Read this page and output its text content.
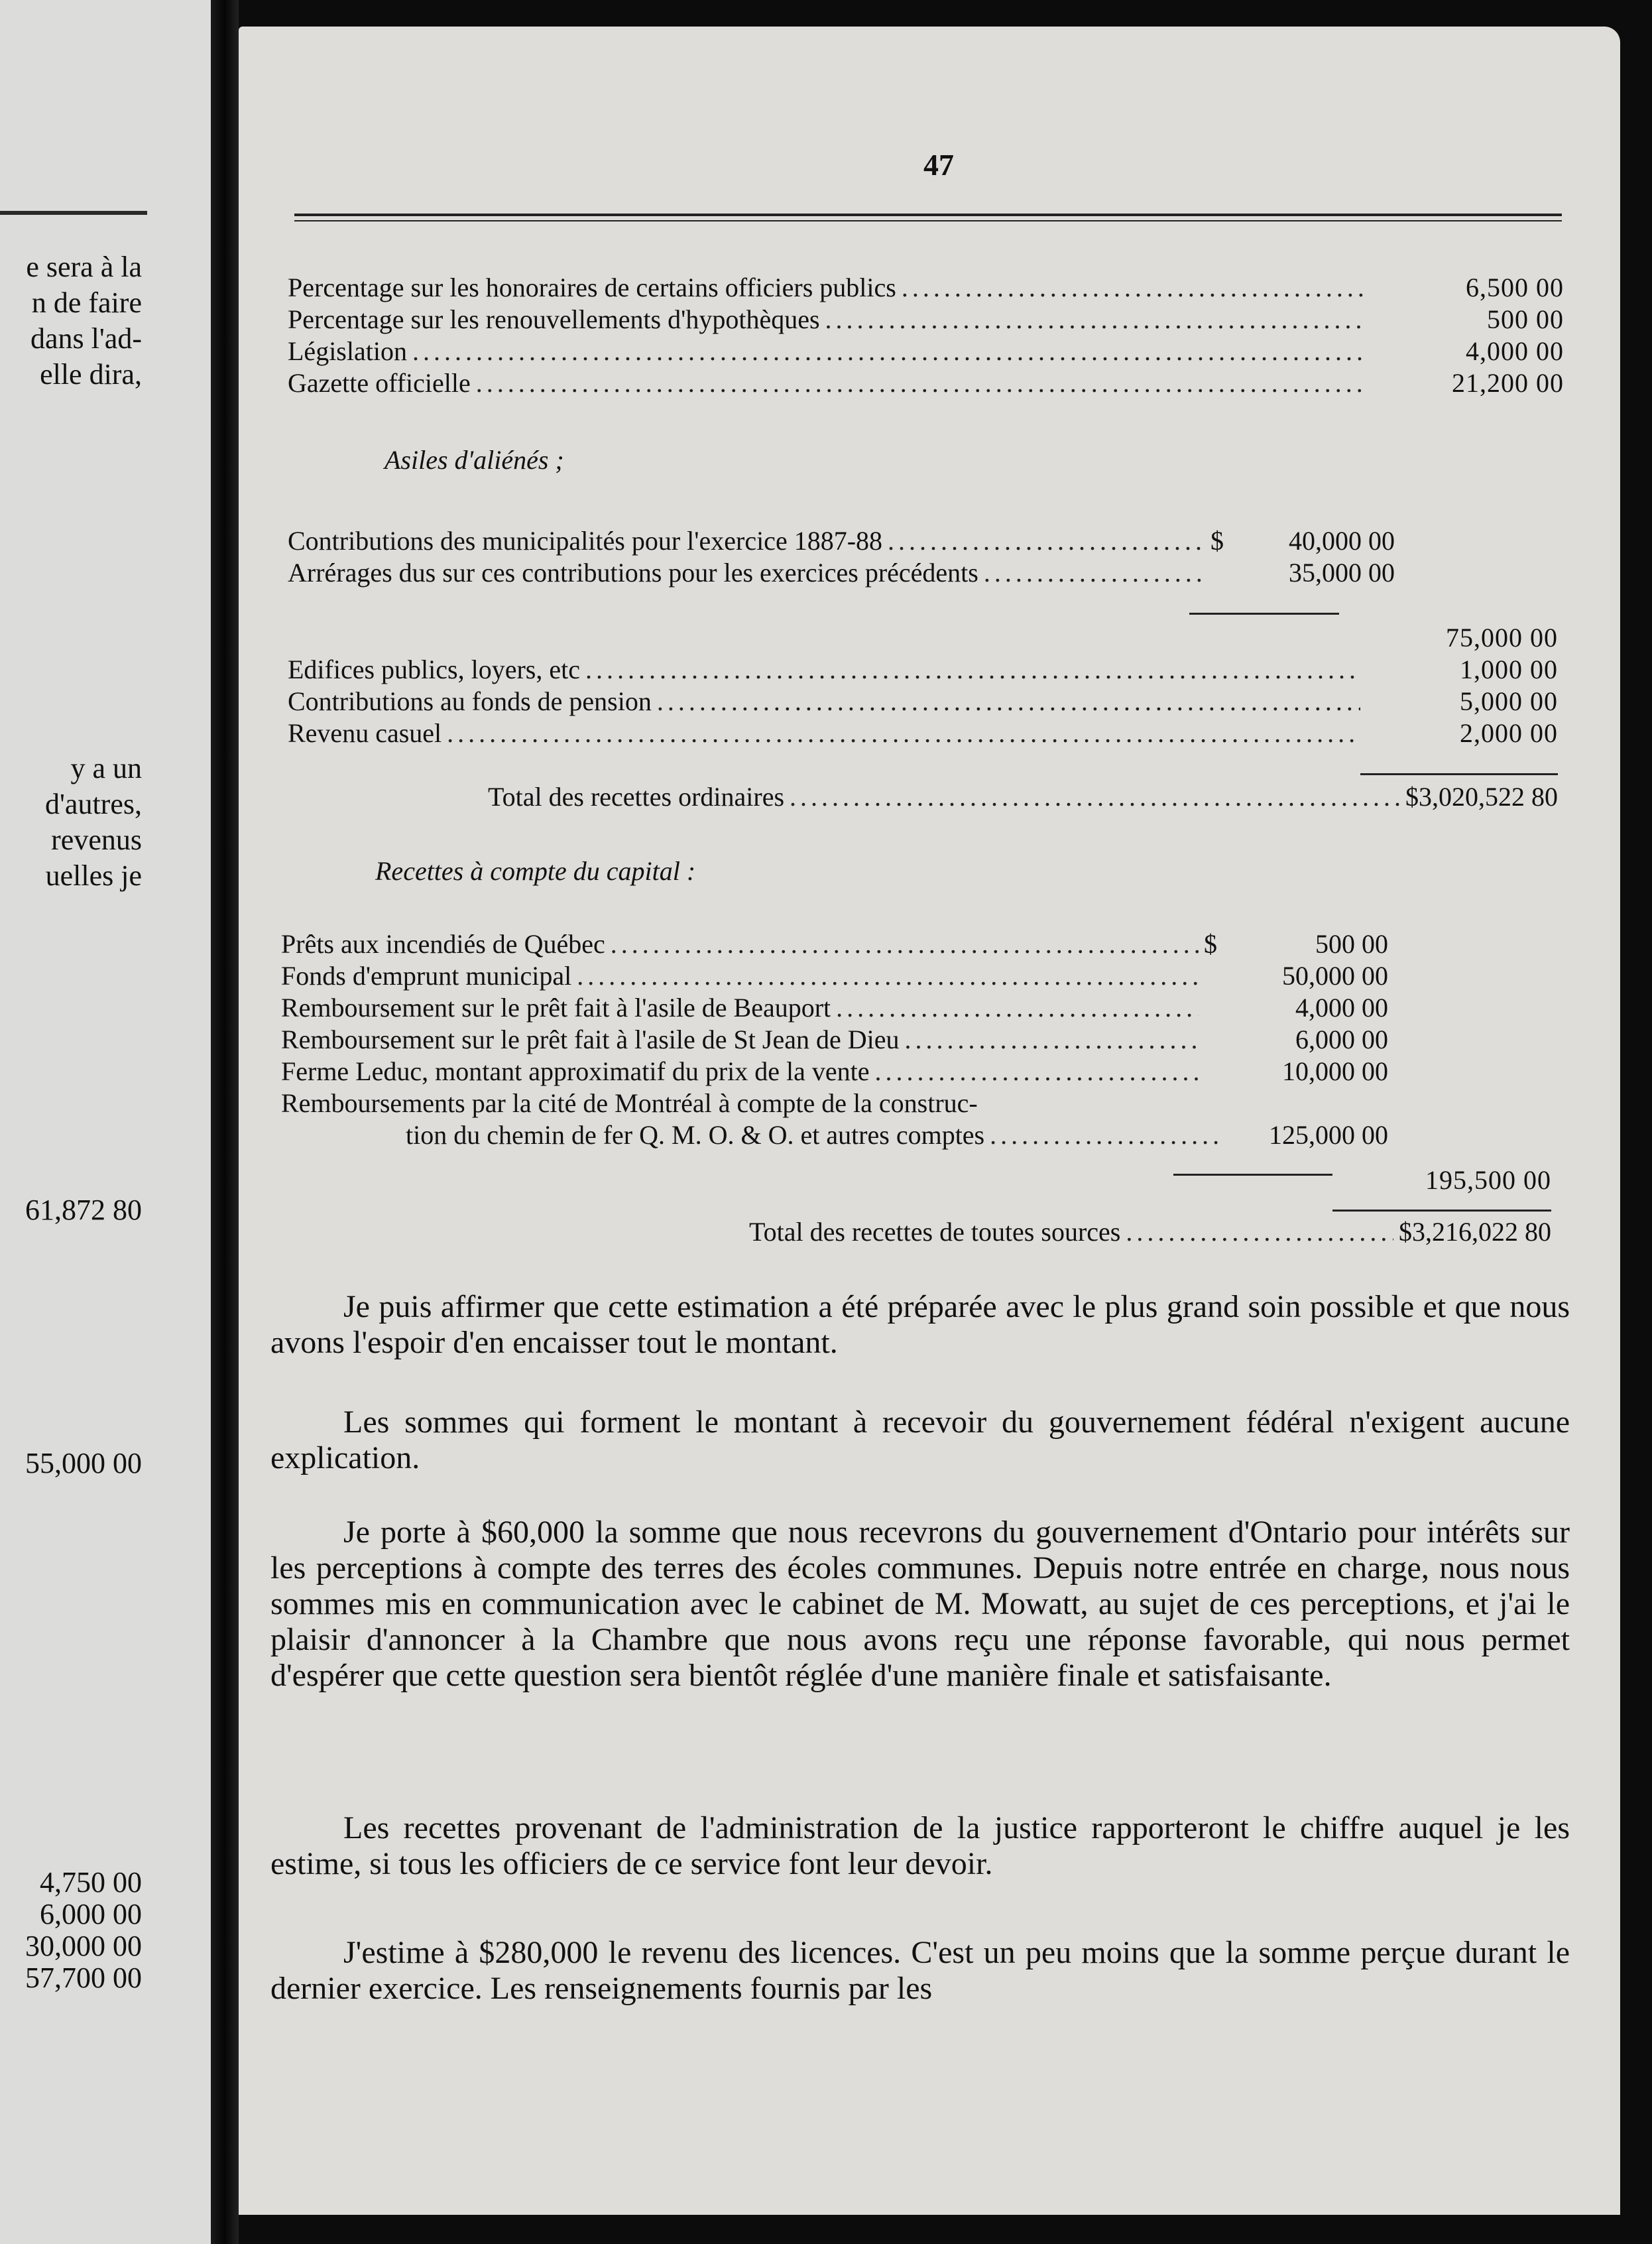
e sera à la
n de faire
dans l'ad-
elle dira,
y a un
d'autres,
revenus
uelles je
61,872 80
55,000 00
4,750 00
6,000 00
30,000 00
57,700 00
47
Percentage sur les honoraires de certains officiers publics .....	6,500 00
Percentage sur les renouvellements d'hypothèques .....	500 00
Législation .....	4,000 00
Gazette officielle .....	21,200 00
Asiles d'aliénés ;
Contributions des municipalités pour l'exercice 1887-88 .....	$	40,000 00
Arrérages dus sur ces contributions pour les exercices précédents .....	35,000 00
75,000 00
Edifices publics, loyers, etc .....	1,000 00
Contributions au fonds de pension .....	5,000 00
Revenu casuel .....	2,000 00
Total des recettes ordinaires .....	$3,020,522 80
Recettes à compte du capital :
Prêts aux incendiés de Québec .....	$	500 00
Fonds d'emprunt municipal .....	50,000 00
Remboursement sur le prêt fait à l'asile de Beauport .....	4,000 00
Remboursement sur le prêt fait à l'asile de St Jean de Dieu .....	6,000 00
Ferme Leduc, montant approximatif du prix de la vente .....	10,000 00
Remboursements par la cité de Montréal à compte de la construc-
tion du chemin de fer Q. M. O. & O. et autres comptes .....	125,000 00
195,500 00
Total des recettes de toutes sources .....	$3,216,022 80

Je puis affirmer que cette estimation a été préparée avec le plus grand soin possible et que nous avons l'espoir d'en encaisser tout le montant.

Les sommes qui forment le montant à recevoir du gouvernement fédéral n'exigent aucune explication.

Je porte à $60,000 la somme que nous recevrons du gouvernement d'Ontario pour intérêts sur les perceptions à compte des terres des écoles communes. Depuis notre entrée en charge, nous nous sommes mis en communication avec le cabinet de M. Mowatt, au sujet de ces perceptions, et j'ai le plaisir d'annoncer à la Chambre que nous avons reçu une réponse favorable, qui nous permet d'espérer que cette question sera bientôt réglée d'une manière finale et satisfaisante.

Les recettes provenant de l'administration de la justice rapporteront le chiffre auquel je les estime, si tous les officiers de ce service font leur devoir.

J'estime à $280,000 le revenu des licences. C'est un peu moins que la somme perçue durant le dernier exercice. Les renseignements fournis par les
